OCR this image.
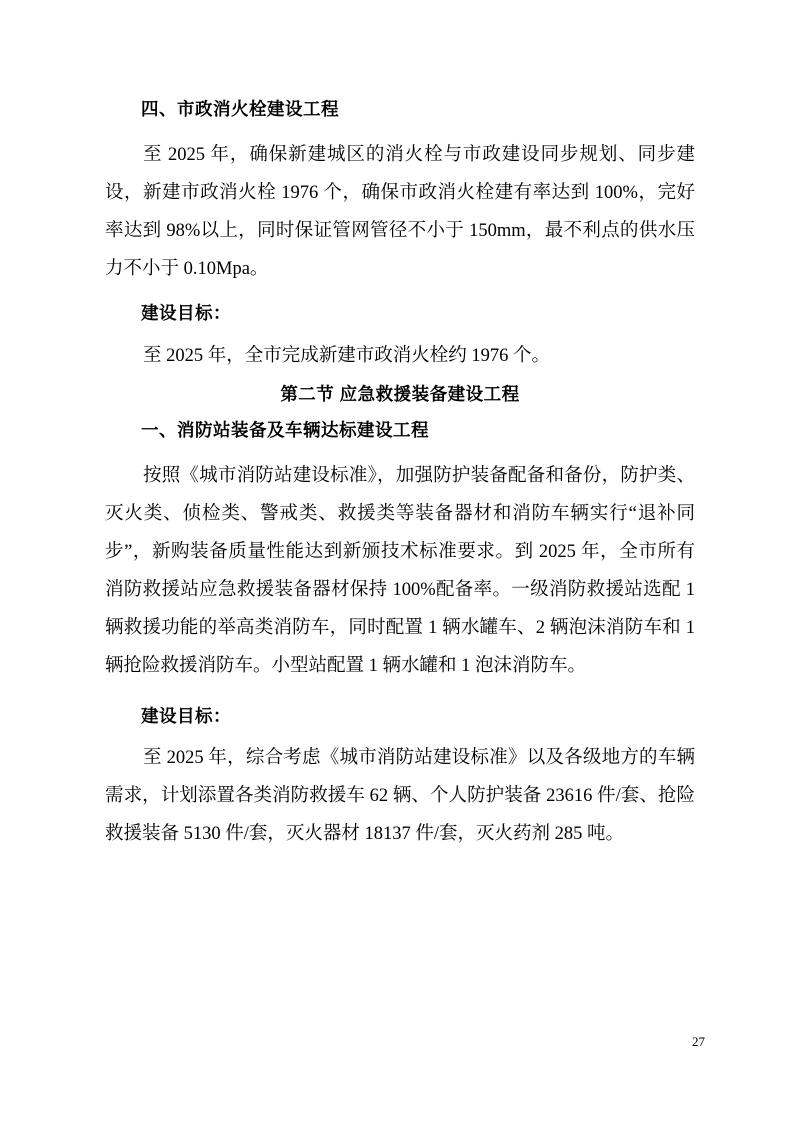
四、市政消火栓建设工程

至 2025 年，确保新建城区的消火栓与市政建设同步规划、同步建设，新建市政消火栓 1976 个，确保市政消火栓建有率达到 100%，完好率达到 98%以上，同时保证管网管径不小于 150mm，最不利点的供水压力不小于 0.10Mpa。

建设目标：

至 2025 年，全市完成新建市政消火栓约 1976 个。

第二节 应急救援装备建设工程
一、消防站装备及车辆达标建设工程

按照《城市消防站建设标准》，加强防护装备配备和备份，防护类、灭火类、侦检类、警戒类、救援类等装备器材和消防车辆实行“退补同步”，新购装备质量性能达到新颁技术标准要求。到 2025 年，全市所有消防救援站应急救援装备器材保持 100%配备率。一级消防救援站选配 1 辆救援功能的举高类消防车，同时配置 1 辆水罐车、2 辆泡沫消防车和 1 辆抢险救援消防车。小型站配置 1 辆水罐和 1 泡沫消防车。

建设目标：

至 2025 年，综合考虑《城市消防站建设标准》以及各级地方的车辆需求，计划添置各类消防救援车 62 辆、个人防护装备 23616 件/套、抢险救援装备 5130 件/套，灭火器材 18137 件/套，灭火药剂 285 吨。

27
